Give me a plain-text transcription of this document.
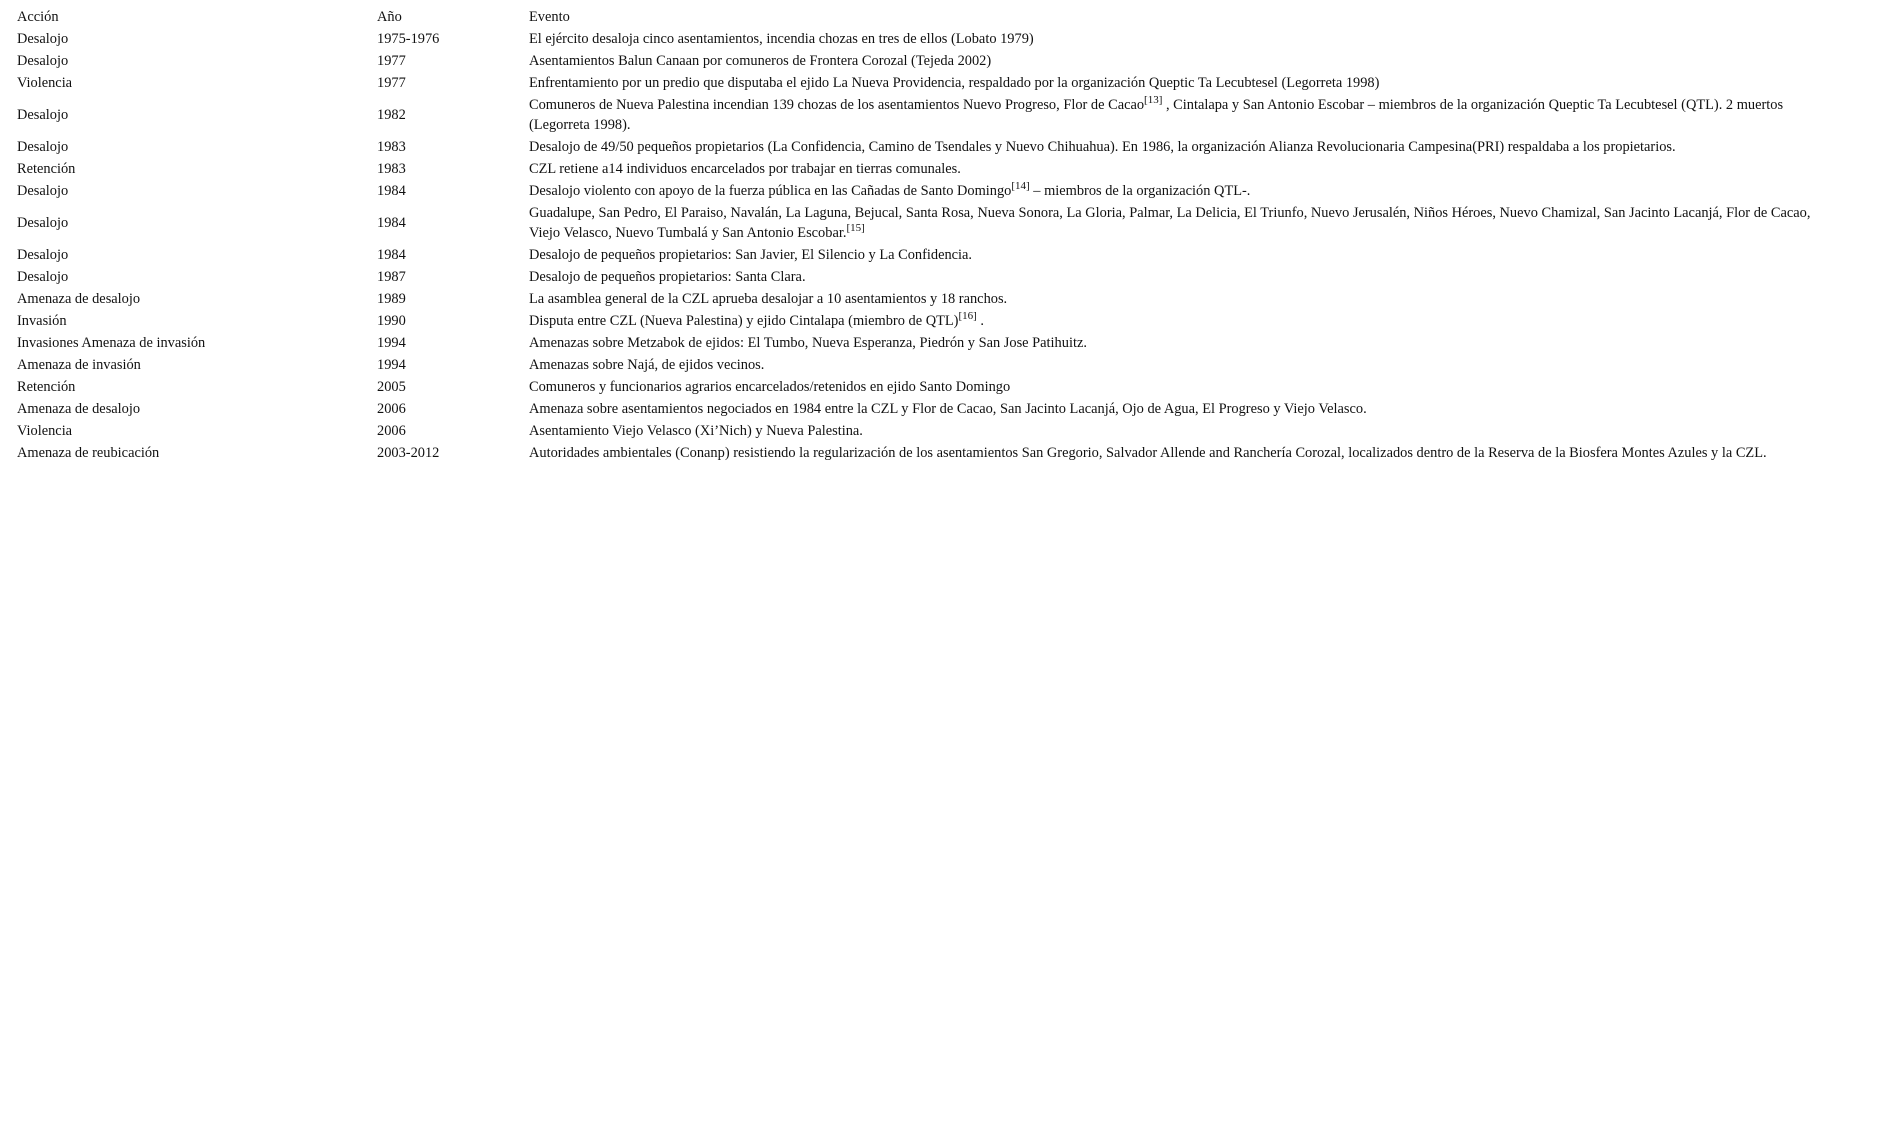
Acción	Año	Evento
Desalojo	1975-1976	El ejército desaloja cinco asentamientos, incendia chozas en tres de ellos (Lobato 1979)
Desalojo	1977	Asentamientos Balun Canaan por comuneros de Frontera Corozal (Tejeda 2002)
Violencia	1977	Enfrentamiento por un predio que disputaba el ejido La Nueva Providencia, respaldado por la organización Queptic Ta Lecubtesel (Legorreta 1998)
Desalojo	1982	Comuneros de Nueva Palestina incendian 139 chozas de los asentamientos Nuevo Progreso, Flor de Cacao[13] , Cintalapa y San Antonio Escobar – miembros de la organización Queptic Ta Lecubtesel (QTL). 2 muertos (Legorreta 1998).
Desalojo	1983	Desalojo de 49/50 pequeños propietarios (La Confidencia, Camino de Tsendales y Nuevo Chihuahua). En 1986, la organización Alianza Revolucionaria Campesina(PRI) respaldaba a los propietarios.
Retención	1983	CZL retiene a14 individuos encarcelados por trabajar en tierras comunales.
Desalojo	1984	Desalojo violento con apoyo de la fuerza pública en las Cañadas de Santo Domingo[14] – miembros de la organización QTL-.
Desalojo	1984	Guadalupe, San Pedro, El Paraiso, Navalán, La Laguna, Bejucal, Santa Rosa, Nueva Sonora, La Gloria, Palmar, La Delicia, El Triunfo, Nuevo Jerusalén, Niños Héroes, Nuevo Chamizal, San Jacinto Lacanjá, Flor de Cacao, Viejo Velasco, Nuevo Tumbalá y San Antonio Escobar.[15]
Desalojo	1984	Desalojo de pequeños propietarios: San Javier, El Silencio y La Confidencia.
Desalojo	1987	Desalojo de pequeños propietarios: Santa Clara.
Amenaza de desalojo	1989	La asamblea general de la CZL aprueba desalojar a 10 asentamientos y 18 ranchos.
Invasión	1990	Disputa entre CZL (Nueva Palestina) y ejido Cintalapa (miembro de QTL)[16] .
Invasiones Amenaza de invasión	1994	Amenazas sobre Metzabok de ejidos: El Tumbo, Nueva Esperanza, Piedrón y San Jose Patihuitz.
Amenaza de invasión	1994	Amenazas sobre Najá, de ejidos vecinos.
Retención	2005	Comuneros y funcionarios agrarios encarcelados/retenidos en ejido Santo Domingo
Amenaza de desalojo	2006	Amenaza sobre asentamientos negociados en 1984 entre la CZL y Flor de Cacao, San Jacinto Lacanjá, Ojo de Agua, El Progreso y Viejo Velasco.
Violencia	2006	Asentamiento Viejo Velasco (Xi’Nich) y Nueva Palestina.
Amenaza de reubicación	2003-2012	Autoridades ambientales (Conanp) resistiendo la regularización de los asentamientos San Gregorio, Salvador Allende and Ranchería Corozal, localizados dentro de la Reserva de la Biosfera Montes Azules y la CZL.
